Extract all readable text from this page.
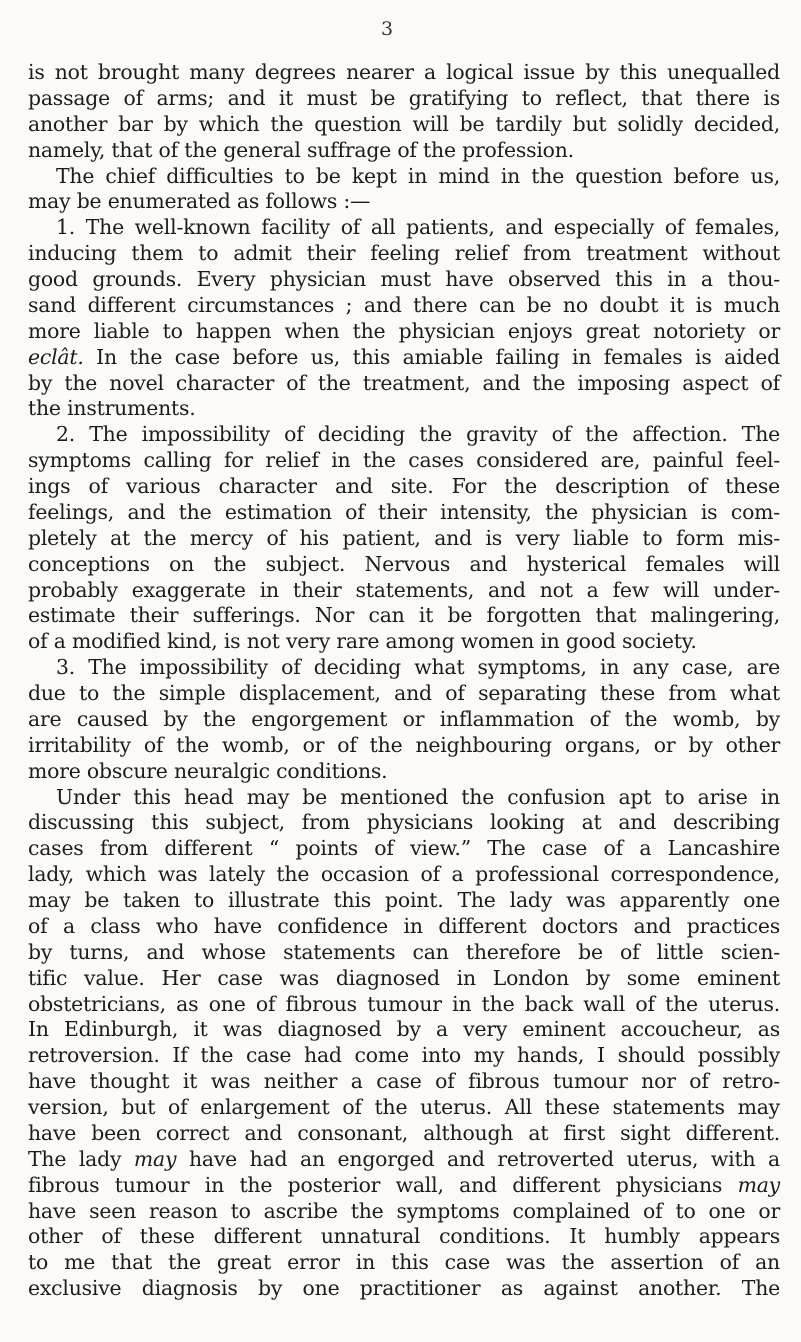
3
is not brought many degrees nearer a logical issue by this unequalled
passage of arms; and it must be gratifying to reflect, that there is
another bar by which the question will be tardily but solidly decided,
namely, that of the general suffrage of the profession.
The chief difficulties to be kept in mind in the question before us,
may be enumerated as follows :—
1. The well-known facility of all patients, and especially of females,
inducing them to admit their feeling relief from treatment without
good grounds. Every physician must have observed this in a thou-
sand different circumstances ; and there can be no doubt it is much
more liable to happen when the physician enjoys great notoriety or
eclât. In the case before us, this amiable failing in females is aided
by the novel character of the treatment, and the imposing aspect of
the instruments.
2. The impossibility of deciding the gravity of the affection. The
symptoms calling for relief in the cases considered are, painful feel-
ings of various character and site. For the description of these
feelings, and the estimation of their intensity, the physician is com-
pletely at the mercy of his patient, and is very liable to form mis-
conceptions on the subject. Nervous and hysterical females will
probably exaggerate in their statements, and not a few will under-
estimate their sufferings. Nor can it be forgotten that malingering,
of a modified kind, is not very rare among women in good society.
3. The impossibility of deciding what symptoms, in any case, are
due to the simple displacement, and of separating these from what
are caused by the engorgement or inflammation of the womb, by
irritability of the womb, or of the neighbouring organs, or by other
more obscure neuralgic conditions.
Under this head may be mentioned the confusion apt to arise in
discussing this subject, from physicians looking at and describing
cases from different “ points of view.” The case of a Lancashire
lady, which was lately the occasion of a professional correspondence,
may be taken to illustrate this point. The lady was apparently one
of a class who have confidence in different doctors and practices
by turns, and whose statements can therefore be of little scien-
tific value. Her case was diagnosed in London by some eminent
obstetricians, as one of fibrous tumour in the back wall of the uterus.
In Edinburgh, it was diagnosed by a very eminent accoucheur, as
retroversion. If the case had come into my hands, I should possibly
have thought it was neither a case of fibrous tumour nor of retro-
version, but of enlargement of the uterus. All these statements may
have been correct and consonant, although at first sight different.
The lady may have had an engorged and retroverted uterus, with a
fibrous tumour in the posterior wall, and different physicians may
have seen reason to ascribe the symptoms complained of to one or
other of these different unnatural conditions. It humbly appears
to me that the great error in this case was the assertion of an
exclusive diagnosis by one practitioner as against another. The
